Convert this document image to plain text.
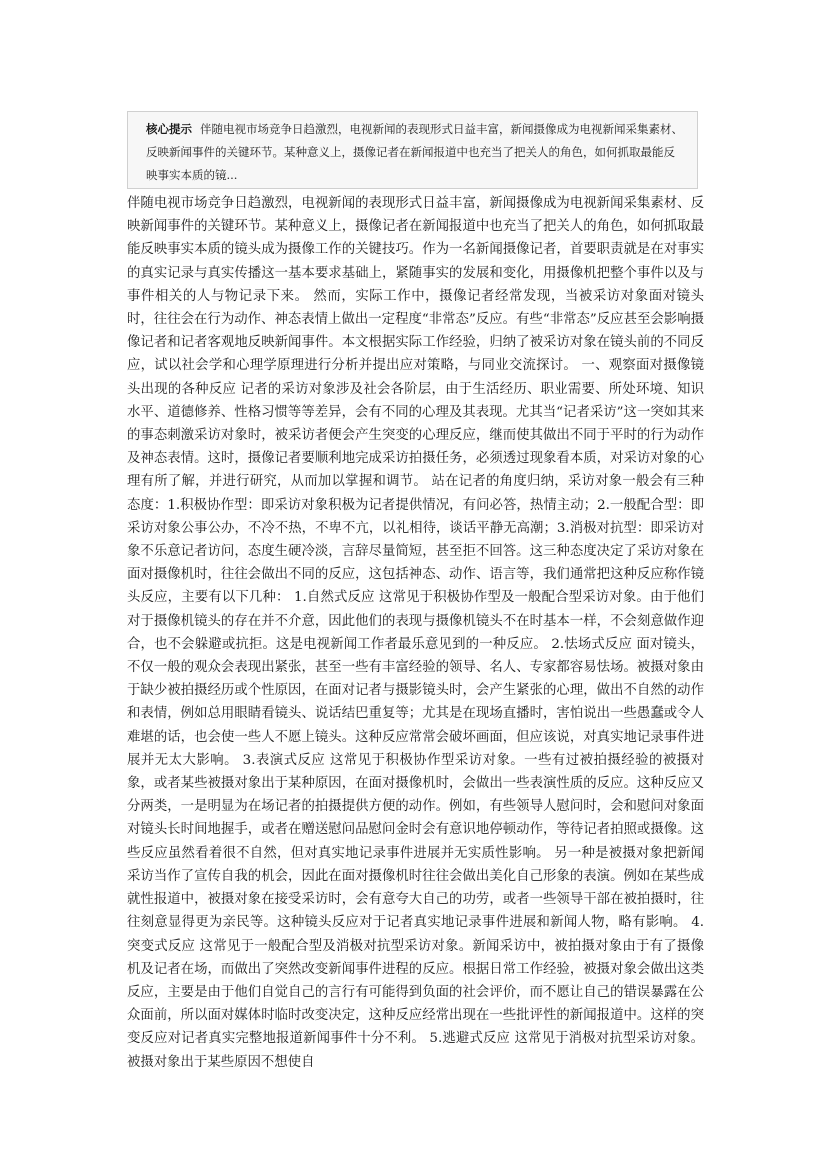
核心提示 伴随电视市场竞争日趋激烈，电视新闻的表现形式日益丰富，新闻摄像成为电视新闻采集素材、反映新闻事件的关键环节。某种意义上，摄像记者在新闻报道中也充当了把关人的角色，如何抓取最能反映事实本质的镜...
伴随电视市场竞争日趋激烈，电视新闻的表现形式日益丰富，新闻摄像成为电视新闻采集素材、反映新闻事件的关键环节。某种意义上，摄像记者在新闻报道中也充当了把关人的角色，如何抓取最能反映事实本质的镜头成为摄像工作的关键技巧。作为一名新闻摄像记者，首要职责就是在对事实的真实记录与真实传播这一基本要求基础上，紧随事实的发展和变化，用摄像机把整个事件以及与事件相关的人与物记录下来。 然而，实际工作中，摄像记者经常发现，当被采访对象面对镜头时，往往会在行为动作、神态表情上做出一定程度“非常态”反应。有些“非常态”反应甚至会影响摄像记者和记者客观地反映新闻事件。本文根据实际工作经验，归纳了被采访对象在镜头前的不同反应，试以社会学和心理学原理进行分析并提出应对策略，与同业交流探讨。 一、观察面对摄像镜头出现的各种反应 记者的采访对象涉及社会各阶层，由于生活经历、职业需要、所处环境、知识水平、道德修养、性格习惯等等差异，会有不同的心理及其表现。尤其当“记者采访”这一突如其来的事态刺激采访对象时，被采访者便会产生突变的心理反应，继而使其做出不同于平时的行为动作及神态表情。这时，摄像记者要顺利地完成采访拍摄任务，必须透过现象看本质，对采访对象的心理有所了解，并进行研究，从而加以掌握和调节。 站在记者的角度归纳，采访对象一般会有三种态度：1.积极协作型：即采访对象积极为记者提供情况，有问必答，热情主动；2.一般配合型：即采访对象公事公办，不冷不热，不卑不亢，以礼相待，谈话平静无高潮；3.消极对抗型：即采访对象不乐意记者访问，态度生硬冷淡，言辞尽量简短，甚至拒不回答。这三种态度决定了采访对象在面对摄像机时，往往会做出不同的反应，这包括神态、动作、语言等，我们通常把这种反应称作镜头反应，主要有以下几种： 1.自然式反应 这常见于积极协作型及一般配合型采访对象。由于他们对于摄像机镜头的存在并不介意，因此他们的表现与摄像机镜头不在时基本一样，不会刻意做作迎合，也不会躲避或抗拒。这是电视新闻工作者最乐意见到的一种反应。 2.怯场式反应 面对镜头，不仅一般的观众会表现出紧张，甚至一些有丰富经验的领导、名人、专家都容易怯场。被摄对象由于缺少被拍摄经历或个性原因，在面对记者与摄影镜头时，会产生紧张的心理，做出不自然的动作和表情，例如总用眼睛看镜头、说话结巴重复等；尤其是在现场直播时，害怕说出一些愚蠢或令人难堪的话，也会使一些人不愿上镜头。这种反应常常会破坏画面，但应该说，对真实地记录事件进展并无太大影响。 3.表演式反应 这常见于积极协作型采访对象。一些有过被拍摄经验的被摄对象，或者某些被摄对象出于某种原因，在面对摄像机时，会做出一些表演性质的反应。这种反应又分两类，一是明显为在场记者的拍摄提供方便的动作。例如，有些领导人慰问时，会和慰问对象面对镜头长时间地握手，或者在赠送慰问品慰问金时会有意识地停顿动作，等待记者拍照或摄像。这些反应虽然看着很不自然，但对真实地记录事件进展并无实质性影响。 另一种是被摄对象把新闻采访当作了宣传自我的机会，因此在面对摄像机时往往会做出美化自己形象的表演。例如在某些成就性报道中，被摄对象在接受采访时，会有意夸大自己的功劳，或者一些领导干部在被拍摄时，往往刻意显得更为亲民等。这种镜头反应对于记者真实地记录事件进展和新闻人物，略有影响。 4.突变式反应 这常见于一般配合型及消极对抗型采访对象。新闻采访中，被拍摄对象由于有了摄像机及记者在场，而做出了突然改变新闻事件进程的反应。根据日常工作经验，被摄对象会做出这类反应，主要是由于他们自觉自己的言行有可能得到负面的社会评价，而不愿让自己的错误暴露在公众面前，所以面对媒体时临时改变决定，这种反应经常出现在一些批评性的新闻报道中。这样的突变反应对记者真实完整地报道新闻事件十分不利。 5.逃避式反应 这常见于消极对抗型采访对象。被摄对象出于某些原因不想使自
